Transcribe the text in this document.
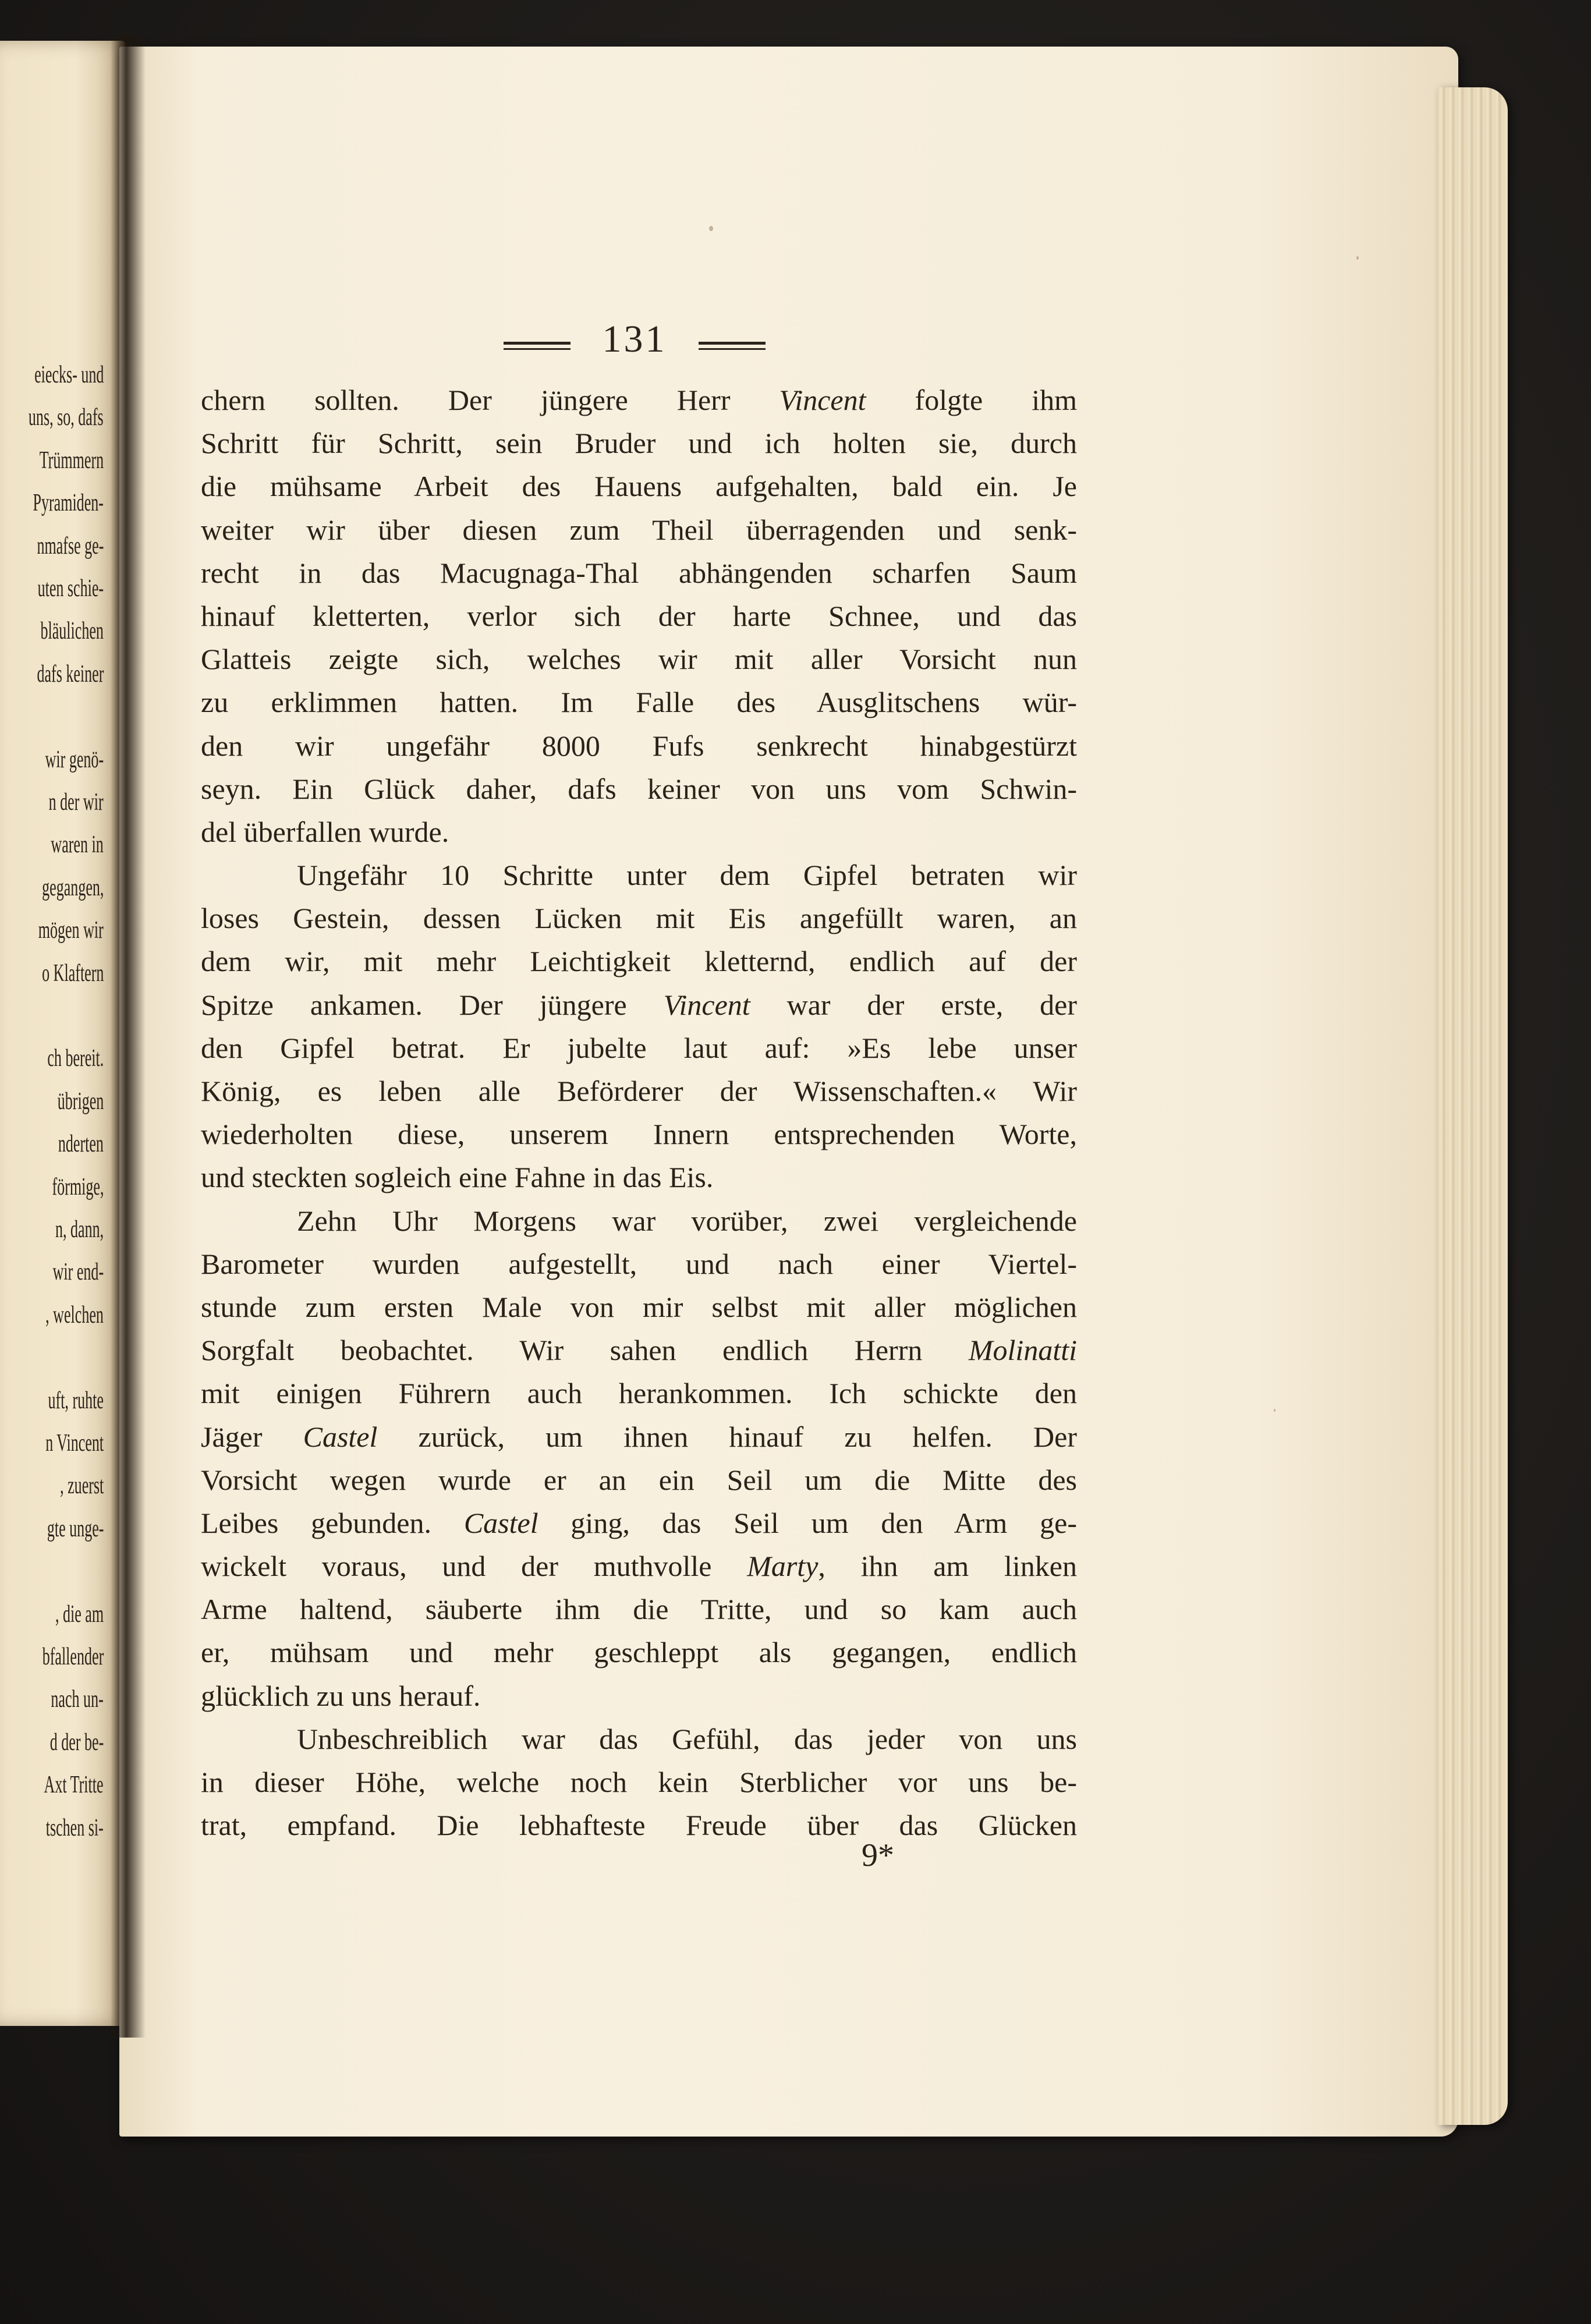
eiecks- und
uns, so, dafs
Trümmern
Pyramiden-
nmafse ge-
uten schie-
bläulichen
dafs keiner
wir genö-
n der wir
waren in
gegangen,
mögen wir
o Klaftern
ch bereit.
übrigen
nderten
förmige,
n, dann,
wir end-
, welchen
uft, ruhte
n Vincent
, zuerst
gte unge-
, die am
bfallender
nach un-
d der be-
Axt Tritte
tschen si-
131
chern sollten. Der jüngere Herr Vincent folgte ihm
Schritt für Schritt, sein Bruder und ich holten sie, durch
die mühsame Arbeit des Hauens aufgehalten, bald ein. Je
weiter wir über diesen zum Theil überragenden und senk-
recht in das Macugnaga-Thal abhängenden scharfen Saum
hinauf kletterten, verlor sich der harte Schnee, und das
Glatteis zeigte sich, welches wir mit aller Vorsicht nun
zu erklimmen hatten. Im Falle des Ausglitschens wür-
den wir ungefähr 8000 Fufs senkrecht hinabgestürzt
seyn. Ein Glück daher, dafs keiner von uns vom Schwin-
del überfallen wurde.
Ungefähr 10 Schritte unter dem Gipfel betraten wir
loses Gestein, dessen Lücken mit Eis angefüllt waren, an
dem wir, mit mehr Leichtigkeit kletternd, endlich auf der
Spitze ankamen. Der jüngere Vincent war der erste, der
den Gipfel betrat. Er jubelte laut auf: »Es lebe unser
König, es leben alle Beförderer der Wissenschaften.« Wir
wiederholten diese, unserem Innern entsprechenden Worte,
und steckten sogleich eine Fahne in das Eis.
Zehn Uhr Morgens war vorüber, zwei vergleichende
Barometer wurden aufgestellt, und nach einer Viertel-
stunde zum ersten Male von mir selbst mit aller möglichen
Sorgfalt beobachtet. Wir sahen endlich Herrn Molinatti
mit einigen Führern auch herankommen. Ich schickte den
Jäger Castel zurück, um ihnen hinauf zu helfen. Der
Vorsicht wegen wurde er an ein Seil um die Mitte des
Leibes gebunden. Castel ging, das Seil um den Arm ge-
wickelt voraus, und der muthvolle Marty, ihn am linken
Arme haltend, säuberte ihm die Tritte, und so kam auch
er, mühsam und mehr geschleppt als gegangen, endlich
glücklich zu uns herauf.
Unbeschreiblich war das Gefühl, das jeder von uns
in dieser Höhe, welche noch kein Sterblicher vor uns be-
trat, empfand. Die lebhafteste Freude über das Glücken
9*
